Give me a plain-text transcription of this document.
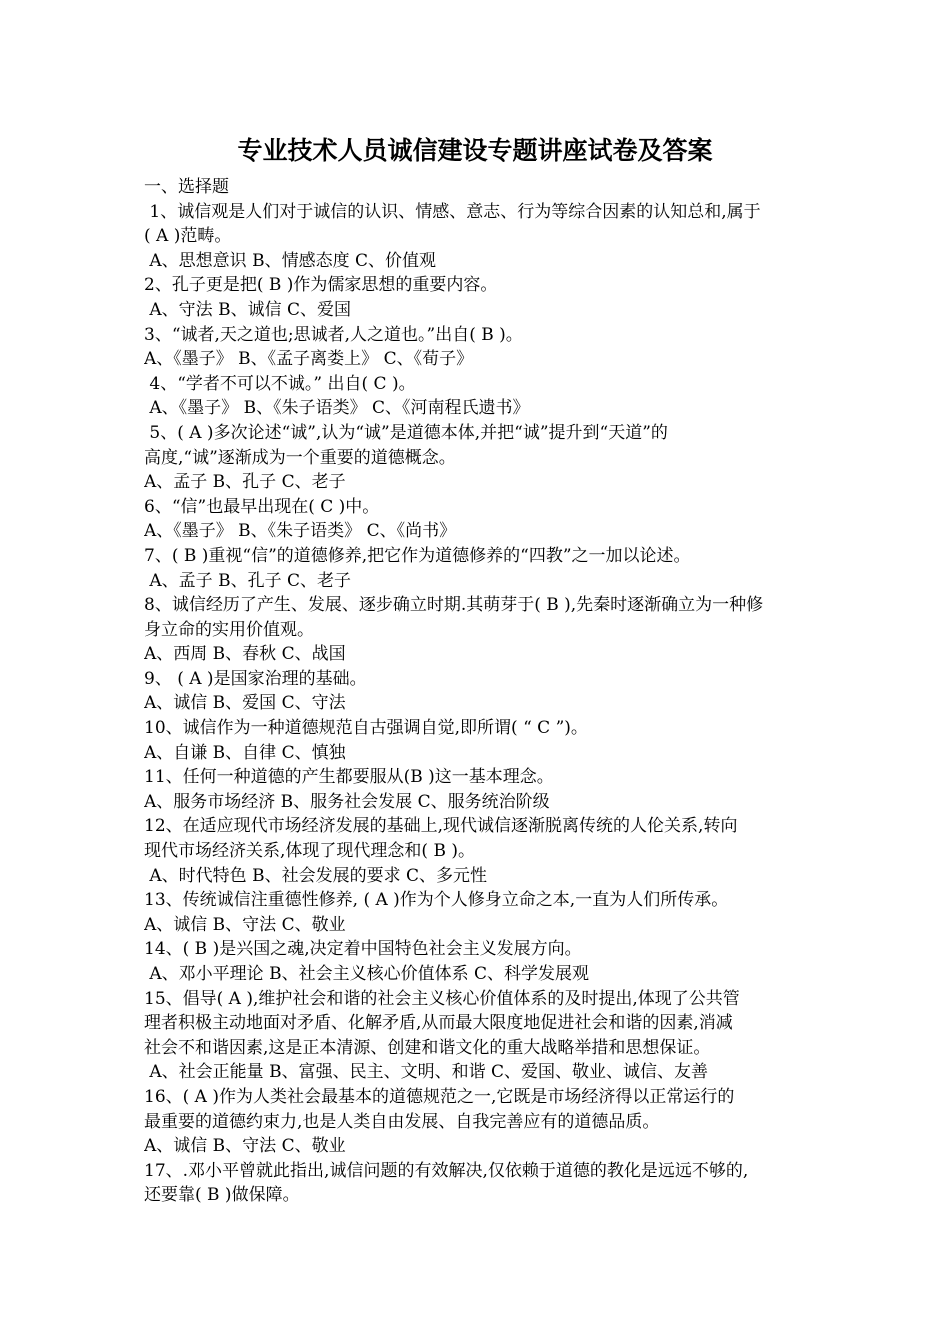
专业技术人员诚信建设专题讲座试卷及答案
一、选择题
1、诚信观是人们对于诚信的认识、情感、意志、行为等综合因素的认知总和,属于
( A )范畴。
A、思想意识 B、情感态度 C、价值观
2、孔子更是把( B )作为儒家思想的重要内容。
A、守法 B、诚信 C、爱国
3、“诚者,天之道也;思诚者,人之道也。”出自( B )。
A、《墨子》 B、《孟子离娄上》 C、《荀子》
4、“学者不可以不诚。” 出自( C )。
A、《墨子》 B、《朱子语类》 C、《河南程氏遗书》
5、( A )多次论述“诚”,认为“诚”是道德本体,并把“诚”提升到“天道”的
高度,“诚”逐渐成为一个重要的道德概念。
A、孟子 B、孔子 C、老子
6、“信”也最早出现在( C )中。
A、《墨子》 B、《朱子语类》 C、《尚书》
7、( B )重视“信”的道德修养,把它作为道德修养的“四教”之一加以论述。
A、孟子 B、孔子 C、老子
8、诚信经历了产生、发展、逐步确立时期.其萌芽于( B ),先秦时逐渐确立为一种修
身立命的实用价值观。
A、西周 B、春秋 C、战国
9、 ( A )是国家治理的基础。
A、诚信 B、爱国 C、守法
10、诚信作为一种道德规范自古强调自觉,即所谓( “ C ”)。
A、自谦 B、自律 C、慎独
11、任何一种道德的产生都要服从(B )这一基本理念。
A、服务市场经济 B、服务社会发展 C、服务统治阶级
12、在适应现代市场经济发展的基础上,现代诚信逐渐脱离传统的人伦关系,转向
现代市场经济关系,体现了现代理念和( B )。
A、时代特色 B、社会发展的要求 C、多元性
13、传统诚信注重德性修养, ( A )作为个人修身立命之本,一直为人们所传承。
A、诚信 B、守法 C、敬业
14、( B )是兴国之魂,决定着中国特色社会主义发展方向。
A、邓小平理论 B、社会主义核心价值体系 C、科学发展观
15、倡导( A ),维护社会和谐的社会主义核心价值体系的及时提出,体现了公共管
理者积极主动地面对矛盾、化解矛盾,从而最大限度地促进社会和谐的因素,消减
社会不和谐因素,这是正本清源、创建和谐文化的重大战略举措和思想保证。
A、社会正能量 B、富强、民主、文明、和谐 C、爱国、敬业、诚信、友善
16、( A )作为人类社会最基本的道德规范之一,它既是市场经济得以正常运行的
最重要的道德约束力,也是人类自由发展、自我完善应有的道德品质。
A、诚信 B、守法 C、敬业
17、.邓小平曾就此指出,诚信问题的有效解决,仅依赖于道德的教化是远远不够的,
还要靠( B )做保障。
